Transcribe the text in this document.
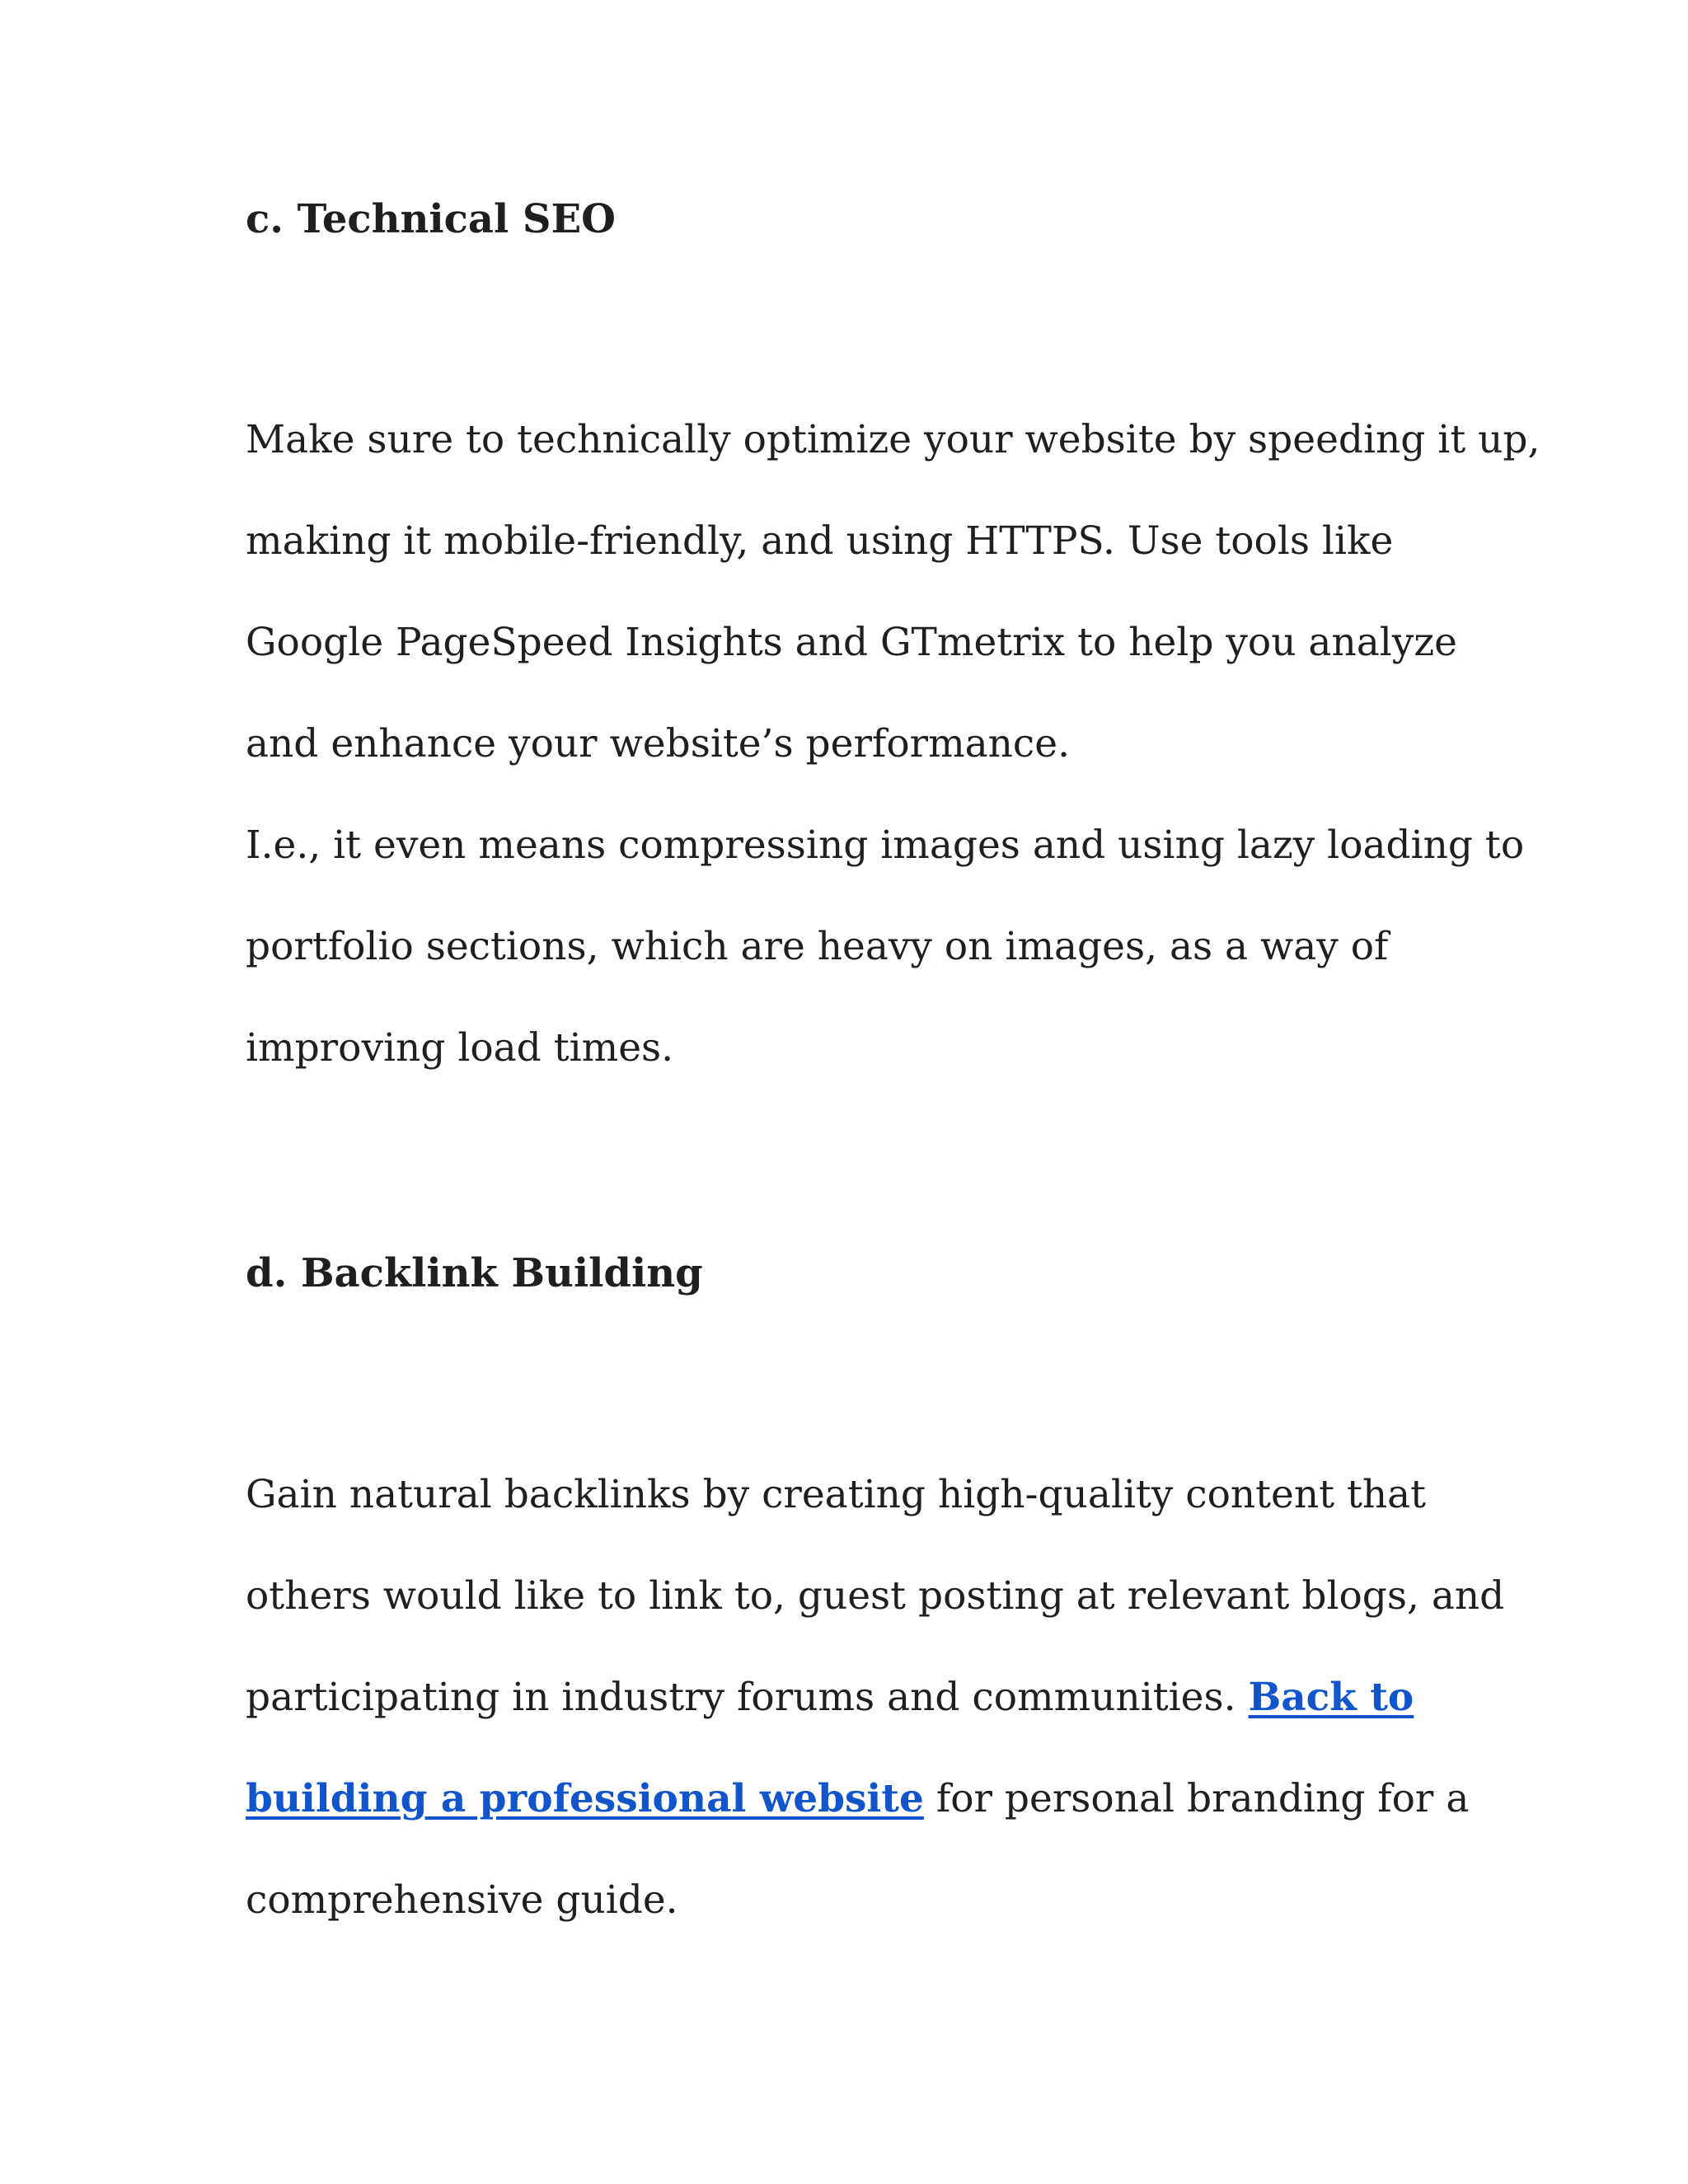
c. Technical SEO

Make sure to technically optimize your website by speeding it up,
making it mobile-friendly, and using HTTPS. Use tools like
Google PageSpeed Insights and GTmetrix to help you analyze
and enhance your website’s performance.
I.e., it even means compressing images and using lazy loading to
portfolio sections, which are heavy on images, as a way of
improving load times.

d. Backlink Building

Gain natural backlinks by creating high-quality content that
others would like to link to, guest posting at relevant blogs, and
participating in industry forums and communities. Back to
building a professional website for personal branding for a
comprehensive guide.
